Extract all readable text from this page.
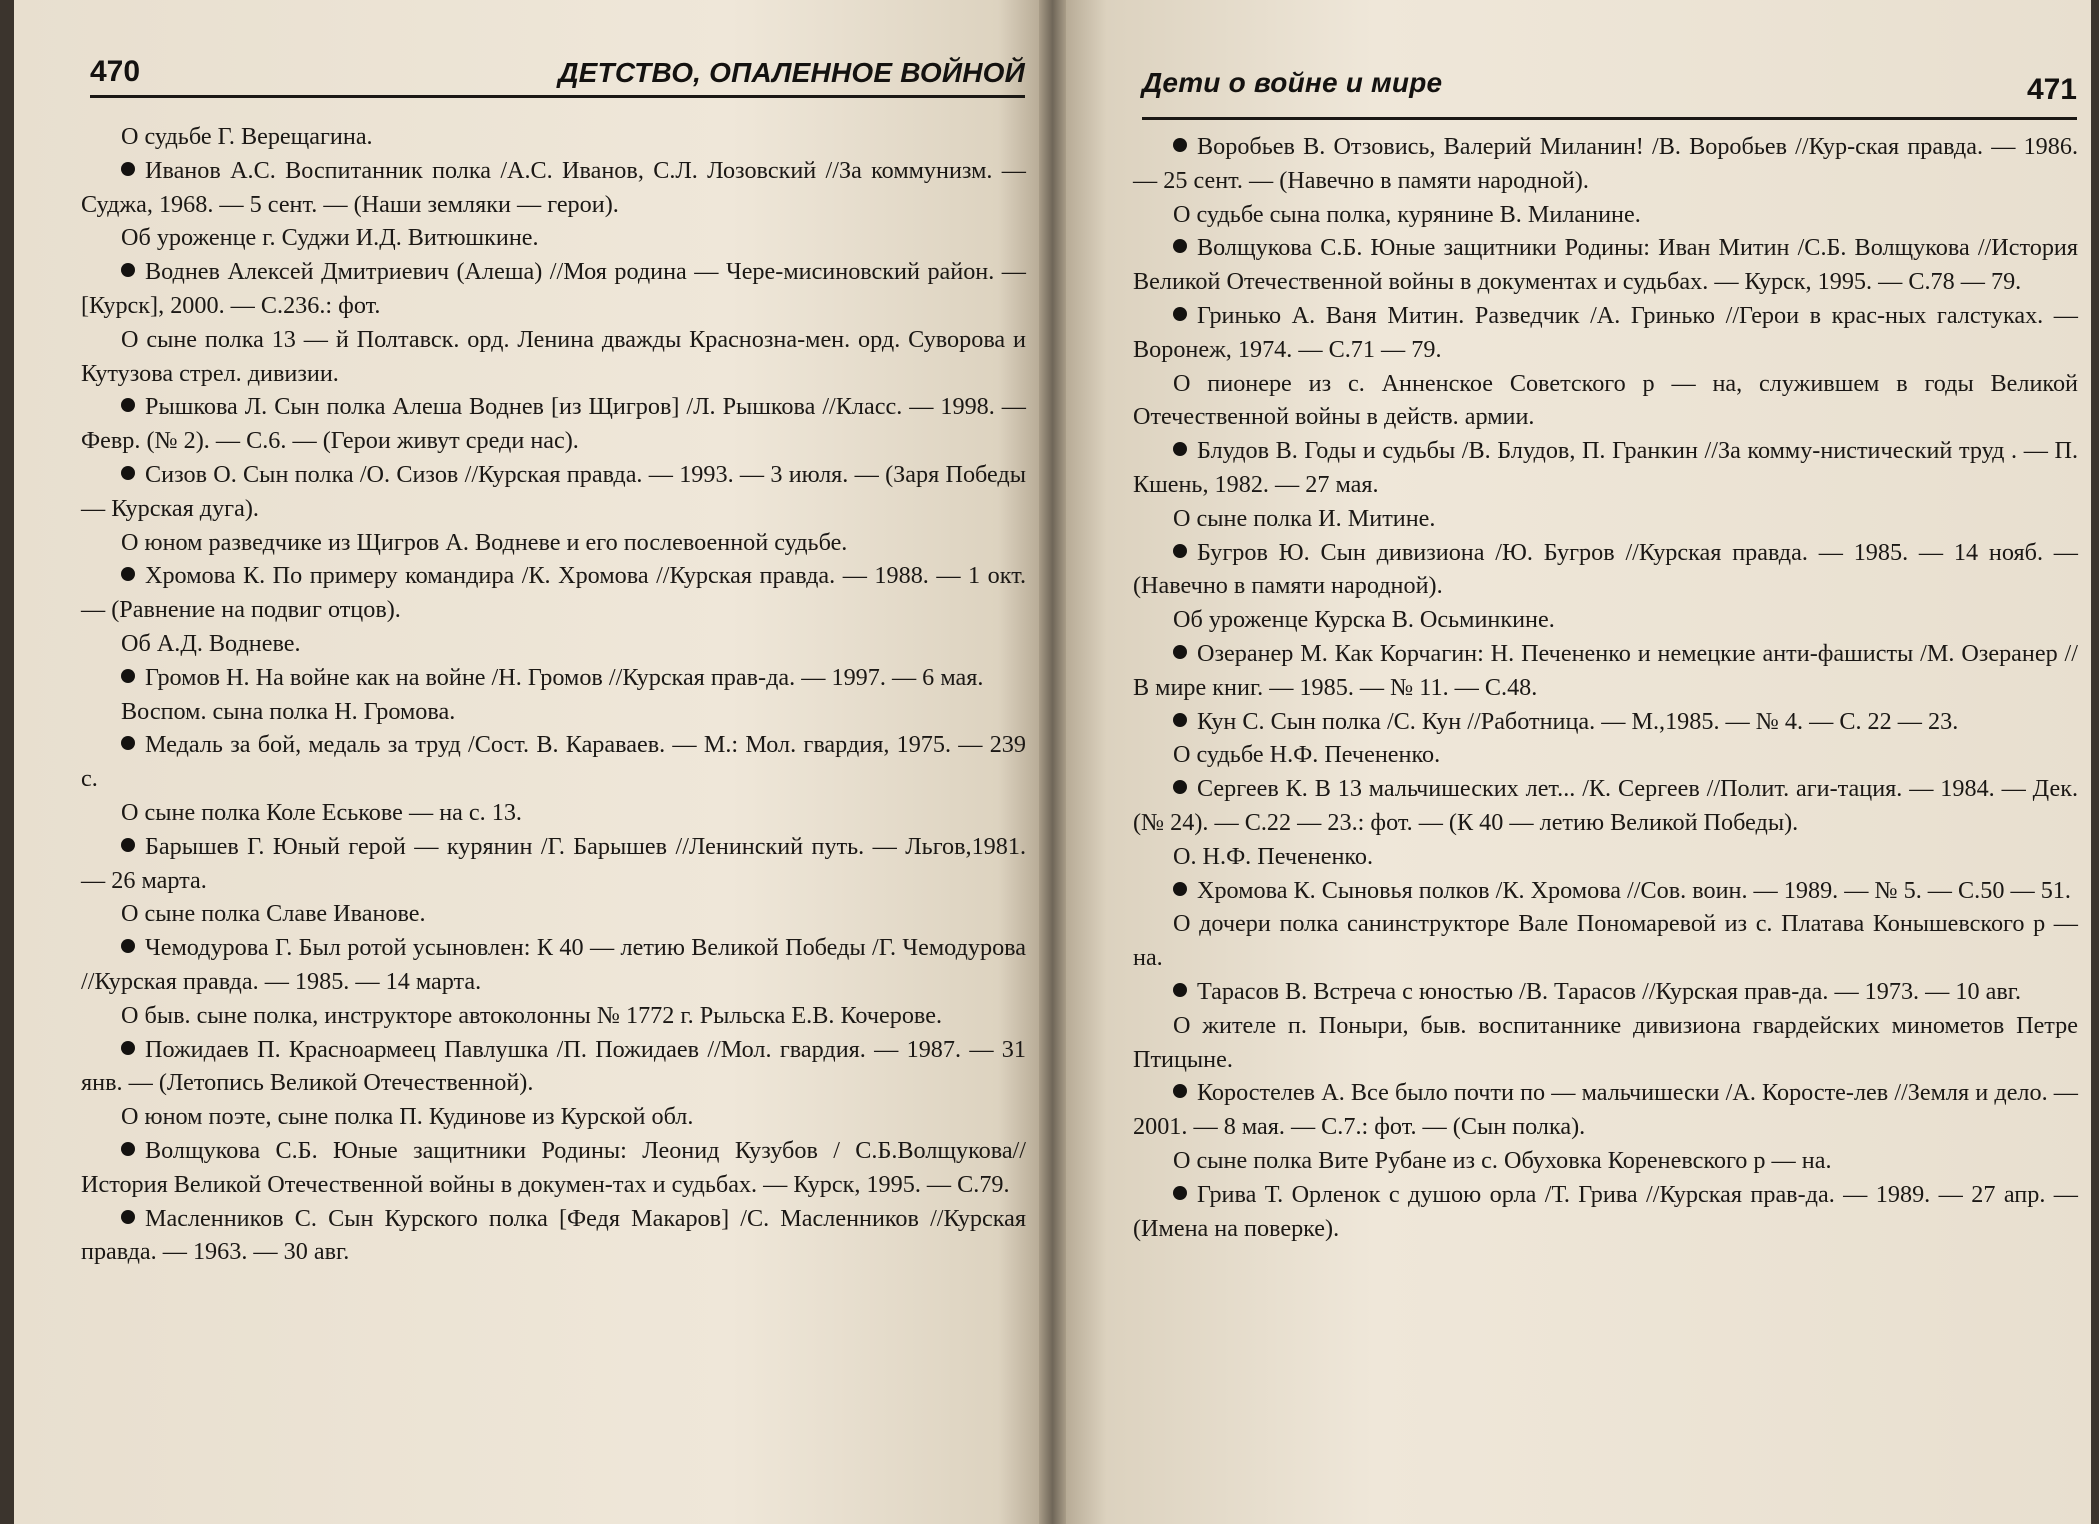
470	ДЕТСТВО, ОПАЛЕННОЕ ВОЙНОЙ

О судьбе Г. Верещагина.

Иванов А.С. Воспитанник полка /А.С. Иванов, С.Л. Лозовский //За коммунизм. — Суджа, 1968. — 5 сент. — (Наши земляки — герои).

Об уроженце г. Суджи И.Д. Витюшкине.

Воднев Алексей Дмитриевич (Алеша) //Моя родина — Чере‑мисиновский район. — [Курск], 2000. — С.236.: фот.

О сыне полка 13 — й Полтавск. орд. Ленина дважды Краснозна‑мен. орд. Суворова и Кутузова стрел. дивизии.

Рышкова Л. Сын полка Алеша Воднев [из Щигров] /Л. Рышкова //Класс. — 1998. — Февр. (№ 2). — С.6. — (Герои живут среди нас).

Сизов О. Сын полка /О. Сизов //Курская правда. — 1993. — 3 июля. — (Заря Победы — Курская дуга).

О юном разведчике из Щигров А. Водневе и его послевоенной судьбе.

Хромова К. По примеру командира /К. Хромова //Курская правда. — 1988. — 1 окт. — (Равнение на подвиг отцов).

Об А.Д. Водневе.

Громов Н. На войне как на войне /Н. Громов //Курская прав‑да. — 1997. — 6 мая.

Воспом. сына полка Н. Громова.

Медаль за бой, медаль за труд /Сост. В. Караваев. — М.: Мол. гвардия, 1975. — 239 с.

О сыне полка Коле Еськове — на с. 13.

Барышев Г. Юный герой — курянин /Г. Барышев //Ленинский путь. — Льгов,1981. — 26 марта.

О сыне полка Славе Иванове.

Чемодурова Г. Был ротой усыновлен: К 40 — летию Великой Победы /Г. Чемодурова //Курская правда. — 1985. — 14 марта.

О быв. сыне полка, инструкторе автоколонны № 1772 г. Рыльска Е.В. Кочерове.

Пожидаев П. Красноармеец Павлушка /П. Пожидаев //Мол. гвардия. — 1987. — 31 янв. — (Летопись Великой Отечественной).

О юном поэте, сыне полка П. Кудинове из Курской обл.

Волщукова С.Б. Юные защитники Родины: Леонид Кузубов / С.Б.Волщукова//История Великой Отечественной войны в докумен‑тах и судьбах. — Курск, 1995. — С.79.

Масленников С. Сын Курского полка [Федя Макаров] /С. Масленников //Курская правда. — 1963. — 30 авг.

Дети о войне и мире	471

Воробьев В. Отзовись, Валерий Миланин! /В. Воробьев //Кур‑ская правда. — 1986. — 25 сент. — (Навечно в памяти народной).

О судьбе сына полка, курянине В. Миланине.

Волщукова С.Б. Юные защитники Родины: Иван Митин /С.Б. Волщукова //История Великой Отечественной войны в документах и судьбах. — Курск, 1995. — С.78 — 79.

Гринько А. Ваня Митин. Разведчик /А. Гринько //Герои в крас‑ных галстуках. — Воронеж, 1974. — С.71 — 79.

О пионере из с. Анненское Советского р — на, служившем в годы Великой Отечественной войны в действ. армии.

Блудов В. Годы и судьбы /В. Блудов, П. Гранкин //За комму‑нистический труд . — П. Кшень, 1982. — 27 мая.

О сыне полка И. Митине.

Бугров Ю. Сын дивизиона /Ю. Бугров //Курская правда. — 1985. — 14 нояб. — (Навечно в памяти народной).

Об уроженце Курска В. Осьминкине.

Озеранер М. Как Корчагин: Н. Печененко и немецкие анти‑фашисты /М. Озеранер //В мире книг. — 1985. — № 11. — С.48.

Кун С. Сын полка /С. Кун //Работница. — М.,1985. — № 4. — С. 22 — 23.

О судьбе Н.Ф. Печененко.

Сергеев К. В 13 мальчишеских лет... /К. Сергеев //Полит. аги‑тация. — 1984. — Дек.(№ 24). — С.22 — 23.: фот. — (К 40 — летию Великой Победы).

О. Н.Ф. Печененко.

Хромова К. Сыновья полков /К. Хромова //Сов. воин. — 1989. — № 5. — С.50 — 51.

О дочери полка санинструкторе Вале Пономаревой из с. Платава Конышевского р — на.

Тарасов В. Встреча с юностью /В. Тарасов //Курская прав‑да. — 1973. — 10 авг.

О жителе п. Поныри, быв. воспитаннике дивизиона гвардейских минометов Петре Птицыне.

Коростелев А. Все было почти по — мальчишески /А. Коросте‑лев //Земля и дело. — 2001. — 8 мая. — С.7.: фот. — (Сын полка).

О сыне полка Вите Рубане из с. Обуховка Кореневского р — на.

Грива Т. Орленок с душою орла /Т. Грива //Курская прав‑да. — 1989. — 27 апр. — (Имена на поверке).
